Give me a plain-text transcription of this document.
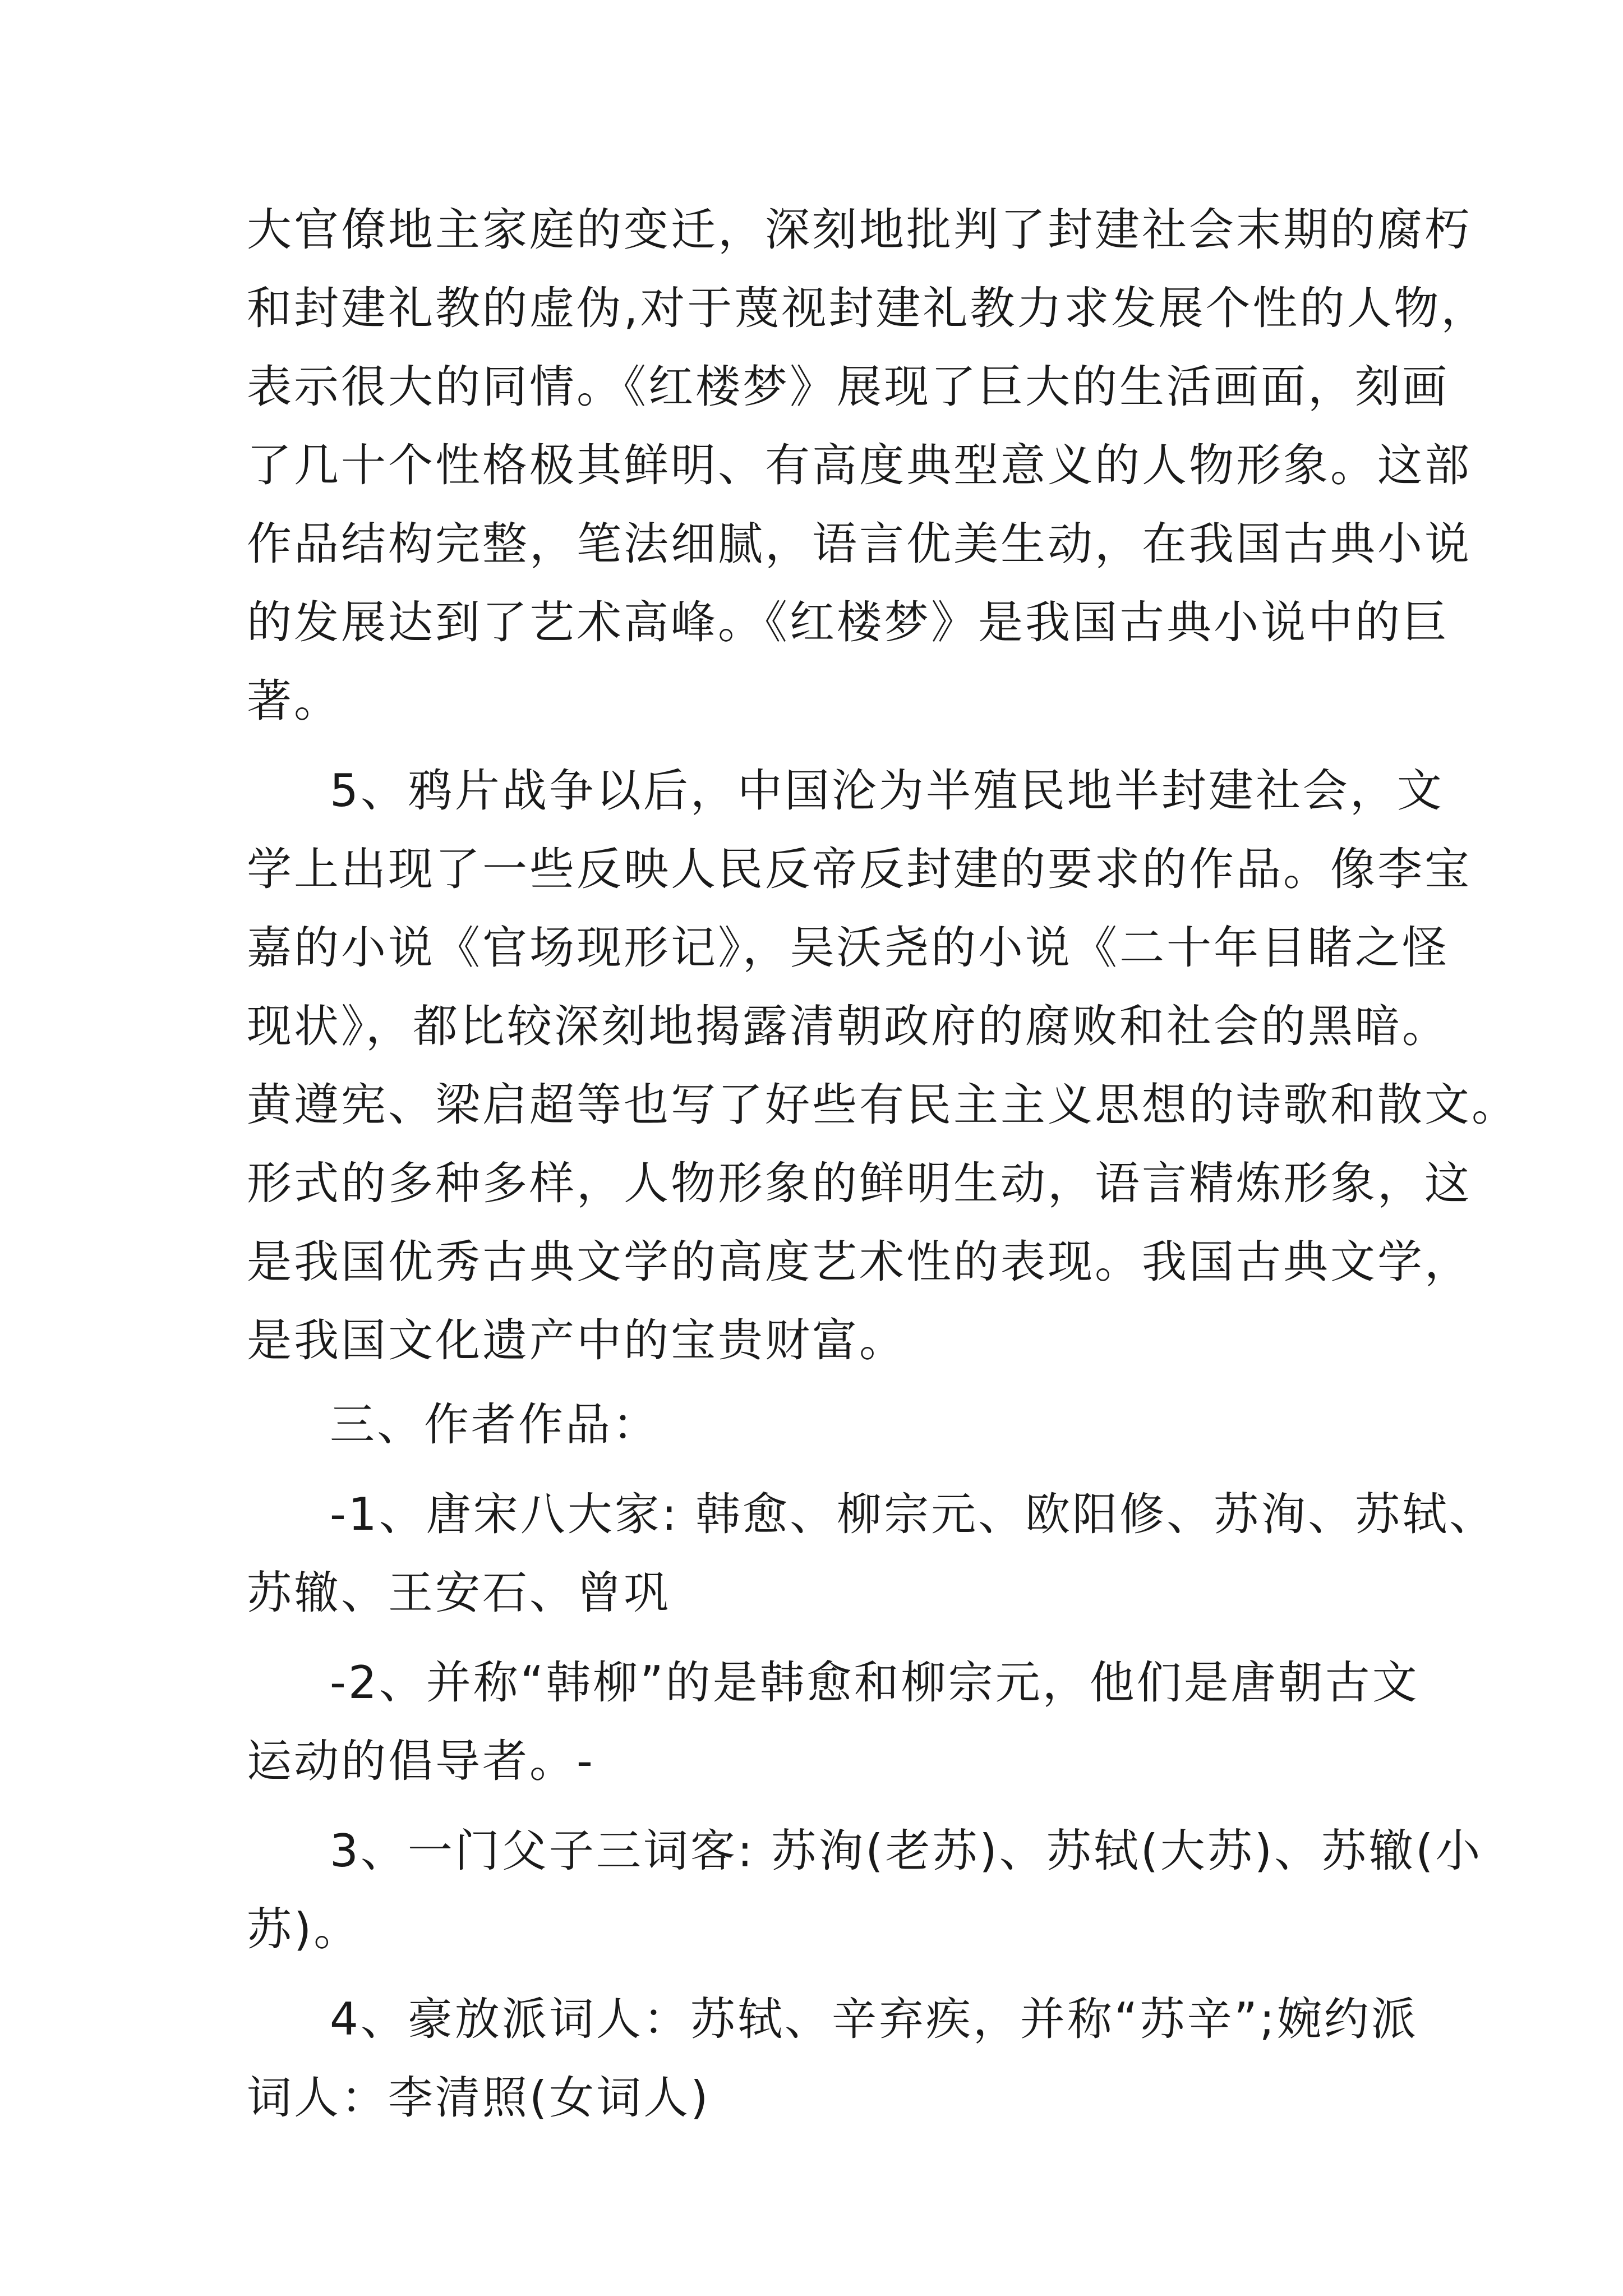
大官僚地主家庭的变迁，深刻地批判了封建社会末期的腐朽
和封建礼教的虚伪,对于蔑视封建礼教力求发展个性的人物，
表示很大的同情。《红楼梦》展现了巨大的生活画面，刻画
了几十个性格极其鲜明、有高度典型意义的人物形象。这部
作品结构完整，笔法细腻，语言优美生动，在我国古典小说
的发展达到了艺术高峰。《红楼梦》是我国古典小说中的巨
著。
5、鸦片战争以后，中国沦为半殖民地半封建社会，文
学上出现了一些反映人民反帝反封建的要求的作品。像李宝
嘉的小说《官场现形记》，吴沃尧的小说《二十年目睹之怪
现状》，都比较深刻地揭露清朝政府的腐败和社会的黑暗。
黄遵宪、梁启超等也写了好些有民主主义思想的诗歌和散文。
形式的多种多样，人物形象的鲜明生动，语言精炼形象，这
是我国优秀古典文学的高度艺术性的表现。我国古典文学，
是我国文化遗产中的宝贵财富。
三、作者作品：
-1、唐宋八大家: 韩愈、柳宗元、欧阳修、苏洵、苏轼、
苏辙、王安石、曾巩
-2、并称“韩柳”的是韩愈和柳宗元，他们是唐朝古文
运动的倡导者。-
3、一门父子三词客: 苏洵(老苏)、苏轼(大苏)、苏辙(小
苏)。
4、豪放派词人：苏轼、辛弃疾，并称“苏辛”;婉约派
词人：李清照(女词人)
